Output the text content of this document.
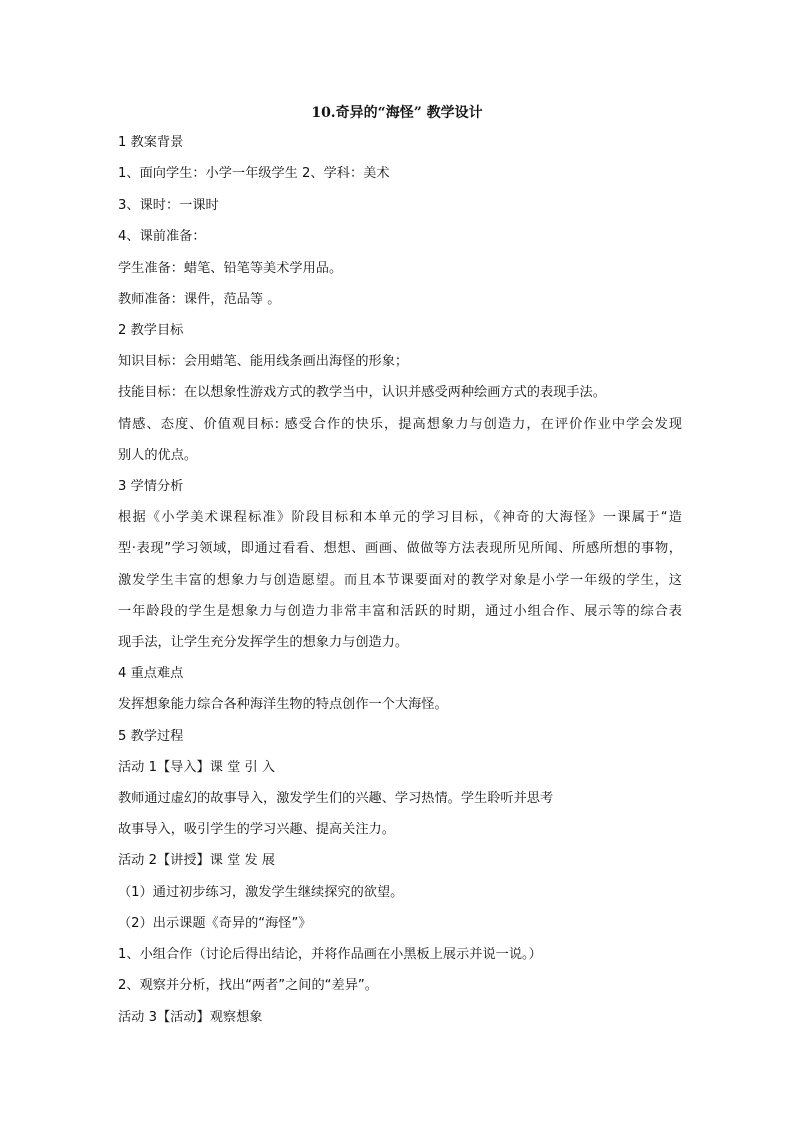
10.奇异的“海怪” 教学设计
1 教案背景
1、面向学生：小学一年级学生 2、学科：美术
3、课时：一课时
4、课前准备：
学生准备：蜡笔、铅笔等美术学用品。
教师准备：课件，范品等 。
2 教学目标
知识目标：会用蜡笔、能用线条画出海怪的形象；
技能目标：在以想象性游戏方式的教学当中，认识并感受两种绘画方式的表现手法。
情感、态度、价值观目标: 感受合作的快乐，提高想象力与创造力，在评价作业中学会发现
别人的优点。
3 学情分析
根据《小学美术课程标准》阶段目标和本单元的学习目标，《神奇的大海怪》一课属于“造
型·表现”学习领域，即通过看看、想想、画画、做做等方法表现所见所闻、所感所想的事物，
激发学生丰富的想象力与创造愿望。而且本节课要面对的教学对象是小学一年级的学生，这
一年龄段的学生是想象力与创造力非常丰富和活跃的时期，通过小组合作、展示等的综合表
现手法，让学生充分发挥学生的想象力与创造力。
4 重点难点
发挥想象能力综合各种海洋生物的特点创作一个大海怪。
5 教学过程
活动 1【导入】课 堂 引 入
教师通过虚幻的故事导入，激发学生们的兴趣、学习热情。学生聆听并思考
故事导入，吸引学生的学习兴趣、提高关注力。
活动 2【讲授】课 堂 发 展
（1）通过初步练习，激发学生继续探究的欲望。
（2）出示课题《奇异的“海怪”》
1、小组合作（讨论后得出结论，并将作品画在小黑板上展示并说一说。）
2、观察并分析，找出“两者”之间的“差异”。
活动 3【活动】观察想象
